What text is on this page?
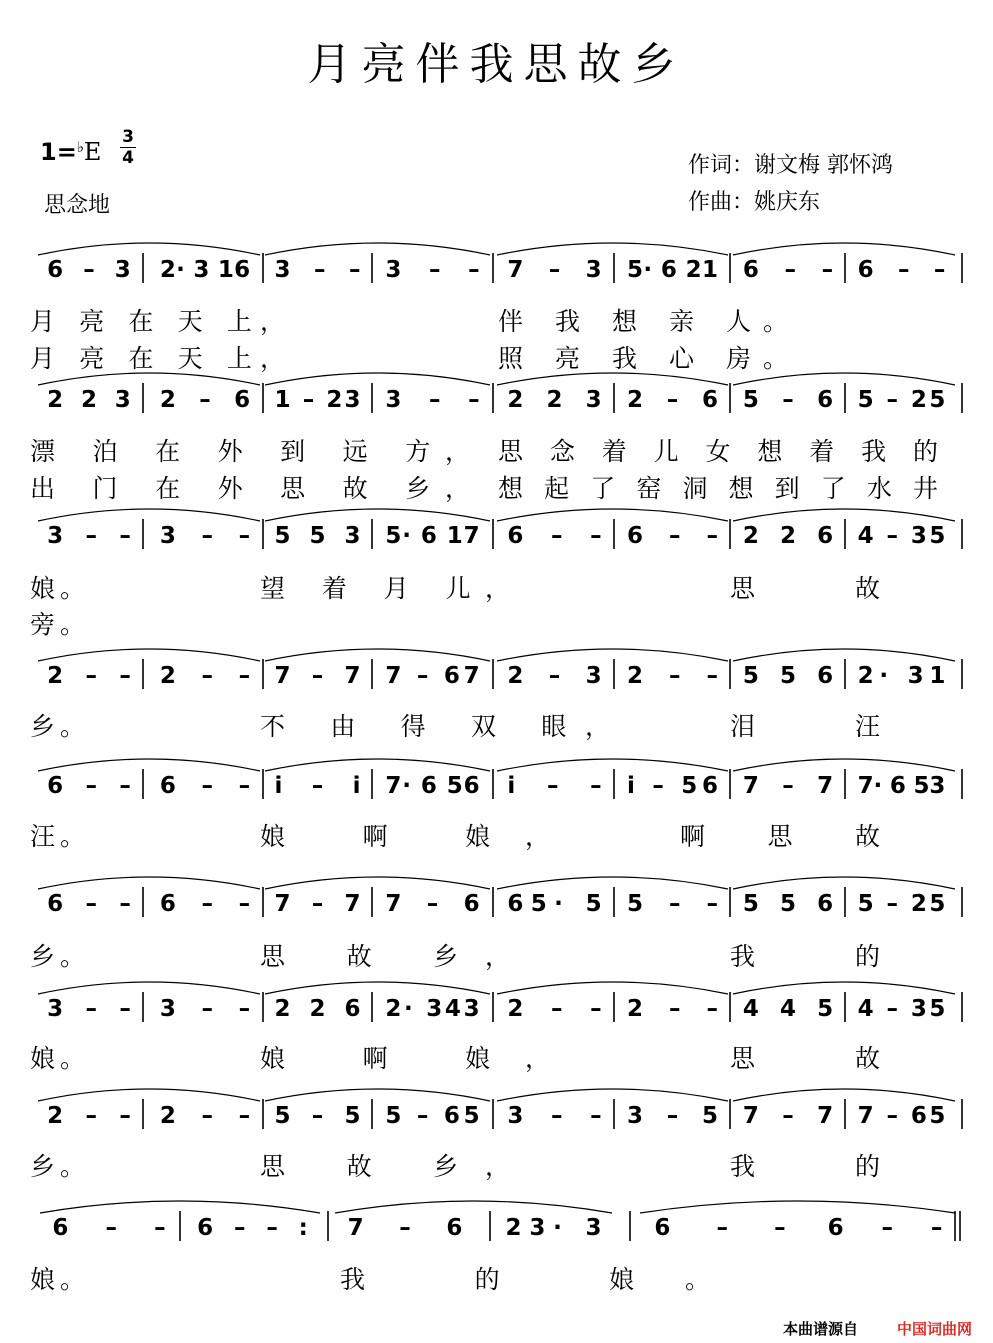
月亮伴我思故乡
1=♭E
3
4
思念地
作词：谢文梅 郭怀鸿
作曲：姚庆东
6 – 3 2· 3 16 3 – – 3 – – 7 – 3 5· 6 21 6 – – 6 – –
2 2 3 2 – 6 1 – 23 3 – – 2 2 3 2 – 6 5 – 6 5 – 25
3 – – 3 – – 5 5 3 5· 6 17 6 – – 6 – – 2 2 6 4 – 35
2 – – 2 – – 7 – 7 7 – 67 2 – 3 2 – – 5 5 6 2· 31
6 – – 6 – – i – i 7· 6 56 i – – i – 56 7 – 7 7· 6 53
6 – – 6 – – 7 – 7 7 – 6 65· 5 5 – – 5 5 6 5 – 25
3 – – 3 – – 2 2 6 2· 343 2 – – 2 – – 4 4 5 4 – 35
2 – – 2 – – 5 – 5 5 – 65 3 – – 3 – 5 7 – 7 7 – 65
6 – – 6 – – : 7 – 6 23· 3 6 – – 6 – –
月 亮 在 天 上，	伴 我 想 亲 人。
月 亮 在 天 上，	照 亮 我 心 房。
漂 泊 在 外 到 远 方， 思 念 着 儿 女 想 着 我 的
出 门 在 外 思 故 乡， 想 起 了 窑 洞 想 到 了 水 井
娘。	望 着 月 儿，	思 故
旁。
乡。	不 由 得 双 眼，	泪 汪
汪。	娘 啊 娘，	啊 思 故
乡。	思 故 乡，	我 的
娘。	娘 啊 娘，	思 故
乡。	思 故 乡，	我 的
娘。	我 的 娘。
本曲谱源自	中国词曲网
